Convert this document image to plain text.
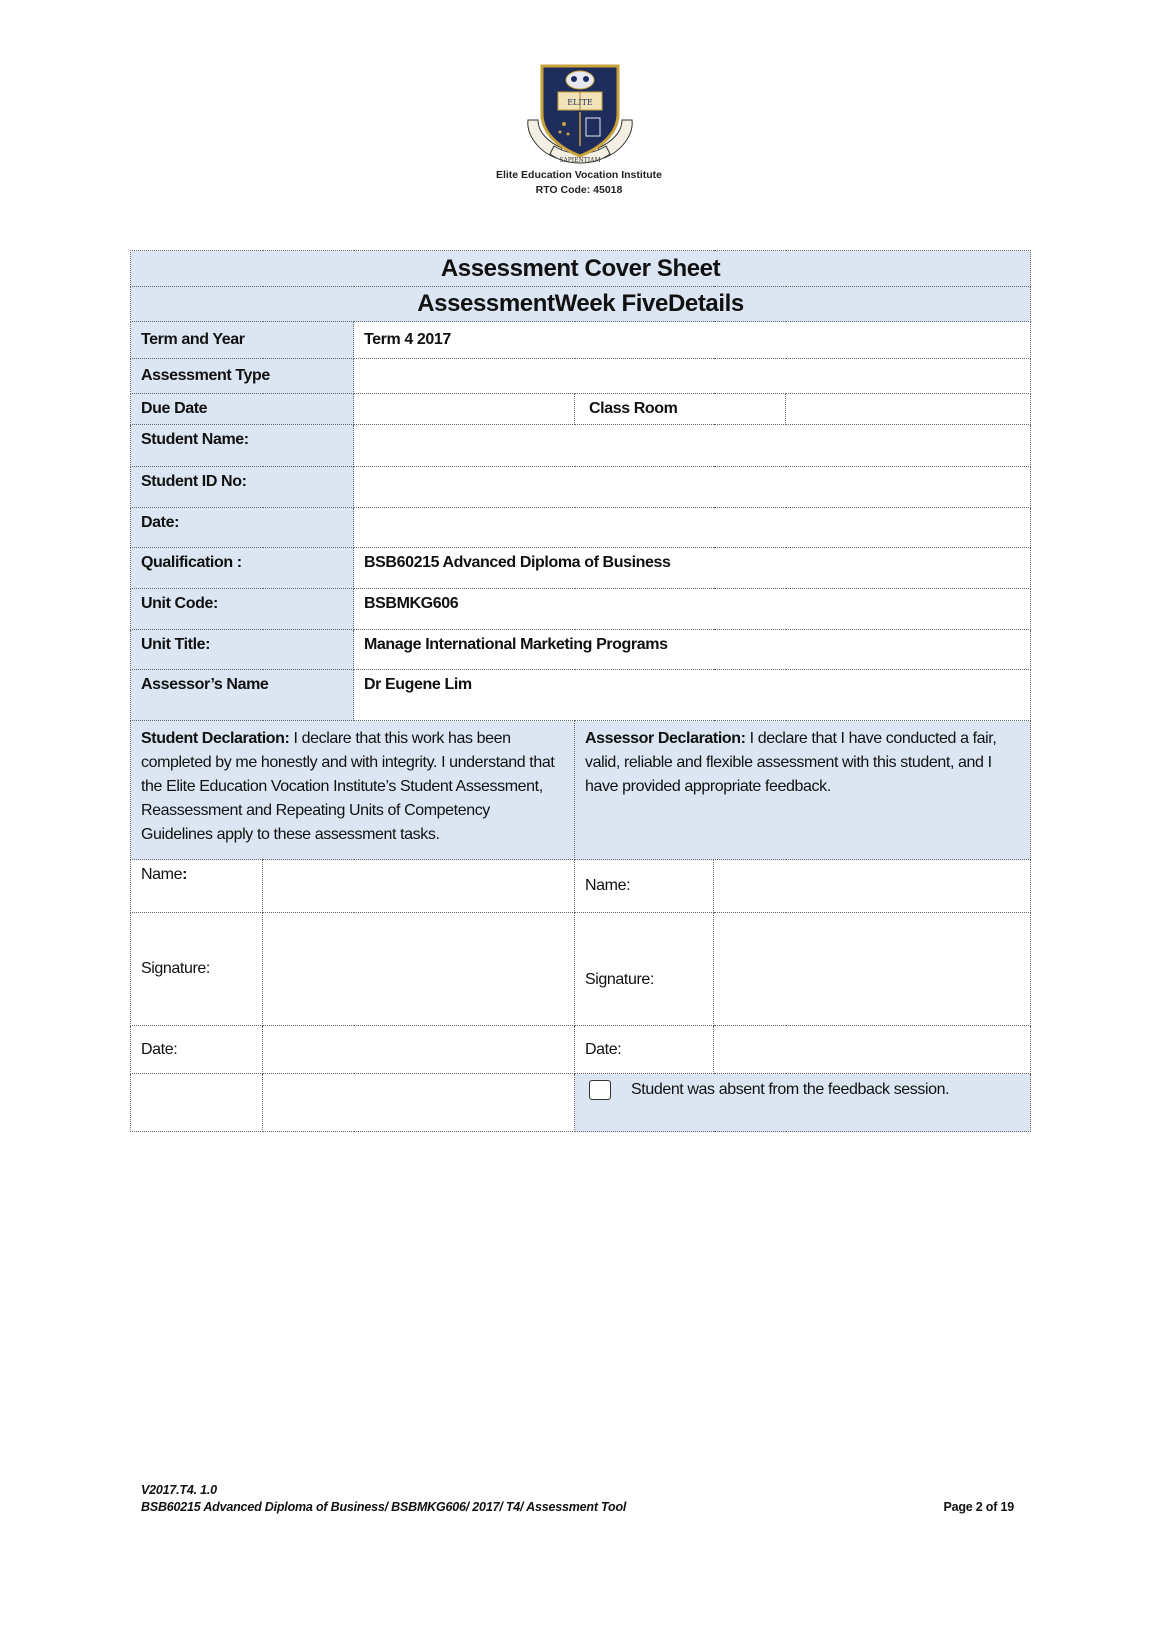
ELITE
SAPIENTIAM
Elite Education Vocation Institute
RTO Code: 45018
Assessment Cover Sheet					
AssessmentWeek FiveDetails					
Term and Year		Term 4 2017			
Assessment Type					
Due Date			Class Room		
Student Name:					
Student ID No:					
Date:					
Qualification :		BSB60215 Advanced Diploma of Business			
Unit Code:		BSBMKG606			
Unit Title:		Manage International Marketing Programs			
Assessor’s Name		Dr Eugene Lim			
Student Declaration: I declare that this work has been completed by me honestly and with integrity. I understand that the Elite Education Vocation Institute’s Student Assessment, Reassessment and Repeating Units of Competency Guidelines apply to these assessment tasks.			Assessor Declaration: I declare that I have conducted a fair, valid, reliable and flexible assessment with this student, and I have provided appropriate feedback.		
Name:			Name:		
Signature:			Signature:		
Date:			Date:		
			Student was absent from the feedback session.		
V2017.T4. 1.0
BSB60215 Advanced Diploma of Business/ BSBMKG606/ 2017/ T4/ Assessment Tool	Page 2 of 19
